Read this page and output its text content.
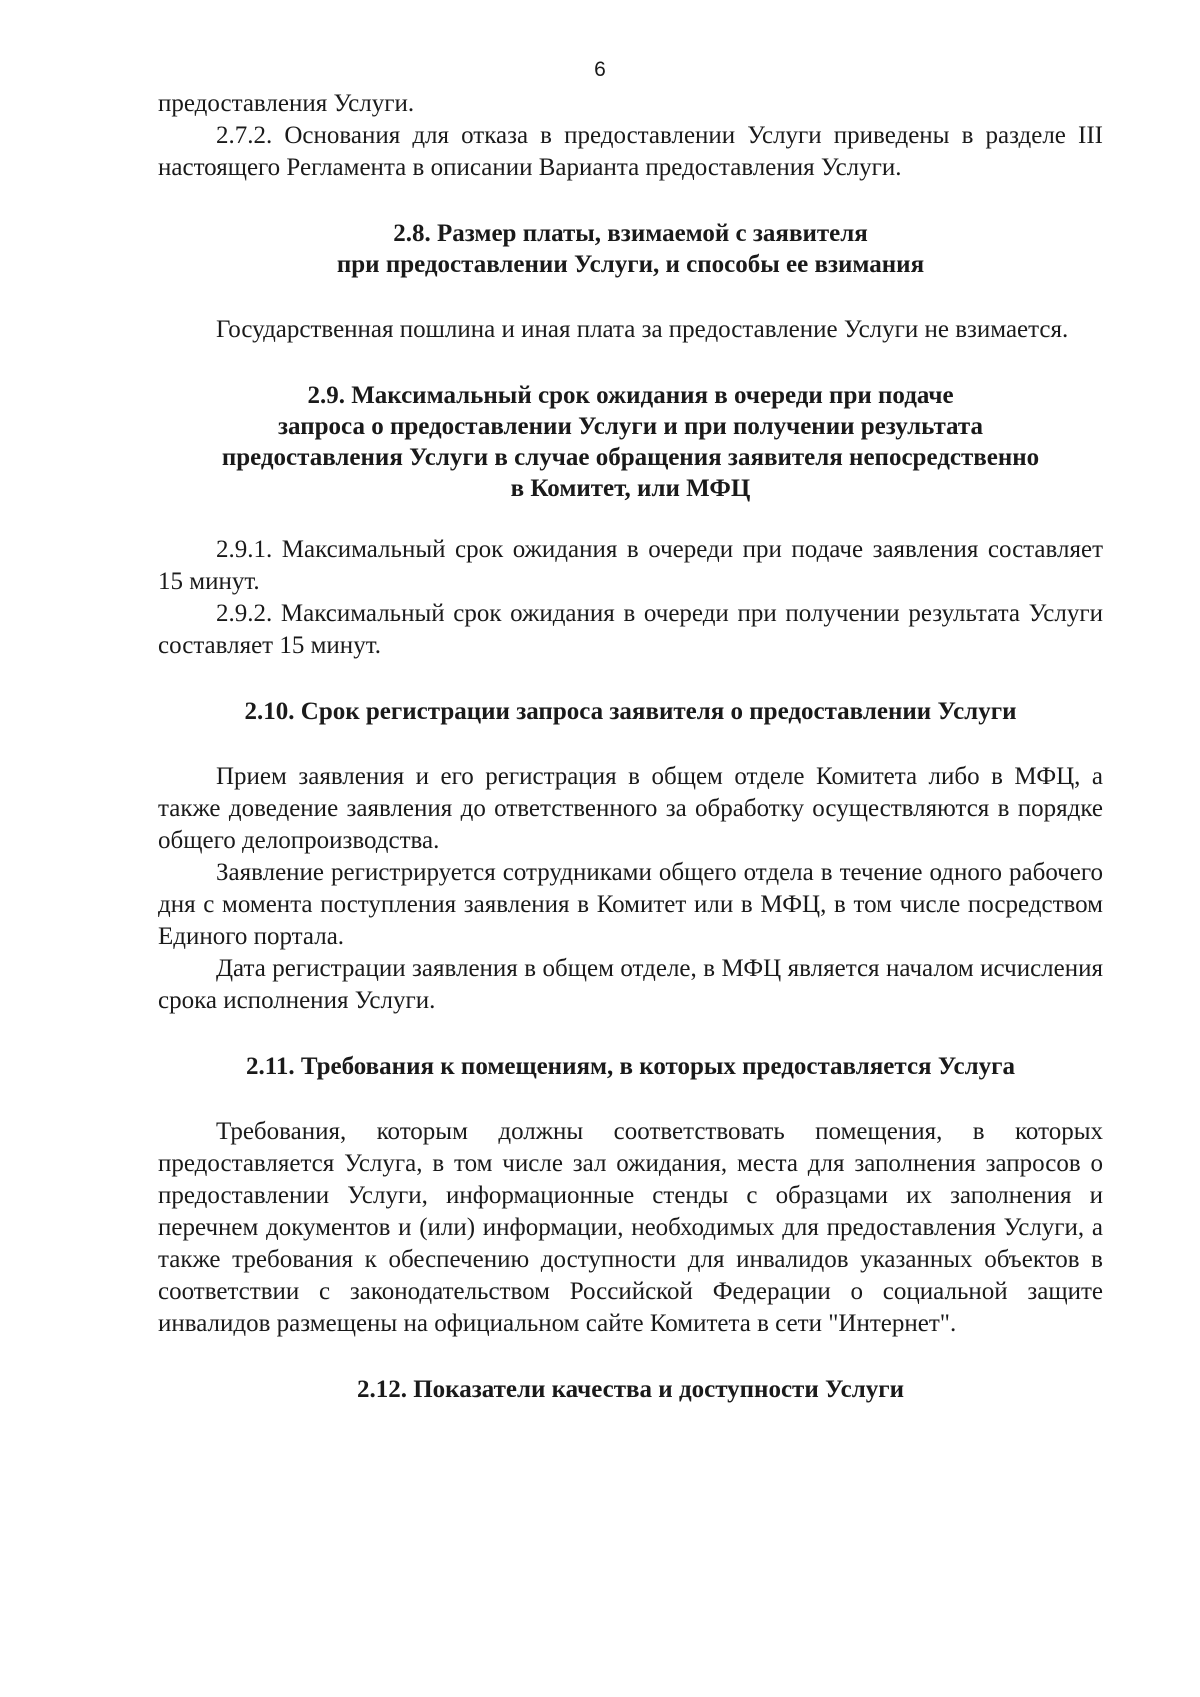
6

предоставления Услуги.

2.7.2. Основания для отказа в предоставлении Услуги приведены в разделе III настоящего Регламента в описании Варианта предоставления Услуги.

2.8. Размер платы, взимаемой с заявителя
при предоставлении Услуги, и способы ее взимания

Государственная пошлина и иная плата за предоставление Услуги не взимается.

2.9. Максимальный срок ожидания в очереди при подаче
запроса о предоставлении Услуги и при получении результата
предоставления Услуги в случае обращения заявителя непосредственно
в Комитет, или МФЦ

2.9.1. Максимальный срок ожидания в очереди при подаче заявления составляет 15 минут.

2.9.2. Максимальный срок ожидания в очереди при получении результата Услуги составляет 15 минут.

2.10. Срок регистрации запроса заявителя о предоставлении Услуги

Прием заявления и его регистрация в общем отделе Комитета либо в МФЦ, а также доведение заявления до ответственного за обработку осуществляются в порядке общего делопроизводства.

Заявление регистрируется сотрудниками общего отдела в течение одного рабочего дня с момента поступления заявления в Комитет или в МФЦ, в том числе посредством Единого портала.

Дата регистрации заявления в общем отделе, в МФЦ является началом исчисления срока исполнения Услуги.

2.11. Требования к помещениям, в которых предоставляется Услуга

Требования, которым должны соответствовать помещения, в которых предоставляется Услуга, в том числе зал ожидания, места для заполнения запросов о предоставлении Услуги, информационные стенды с образцами их заполнения и перечнем документов и (или) информации, необходимых для предоставления Услуги, а также требования к обеспечению доступности для инвалидов указанных объектов в соответствии с законодательством Российской Федерации о социальной защите инвалидов размещены на официальном сайте Комитета в сети "Интернет".

2.12. Показатели качества и доступности Услуги
